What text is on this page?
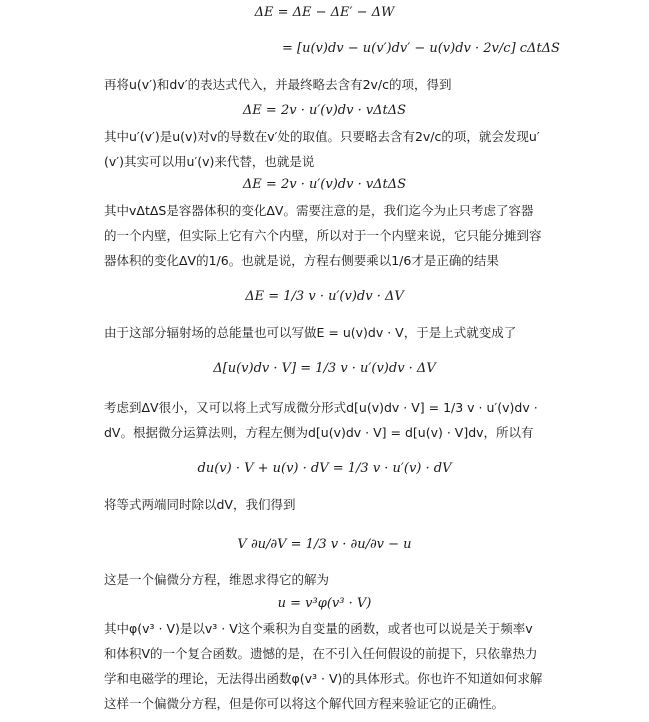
ΔE = ΔE − ΔE′ − ΔW

= [u(v)dv − u(v′)dv′ − u(v)dv · 2v/c] cΔtΔS

再将u(v′)和dv′的表达式代入，并最终略去含有2v/c的项，得到

ΔE = 2v · u′(v)dv · vΔtΔS

其中u′(v′)是u(v)对v的导数在v′处的取值。只要略去含有2v/c的项，就会发现u′(v′)其实可以用u′(v)来代替，也就是说

ΔE = 2v · u′(v)dv · vΔtΔS

其中vΔtΔS是容器体积的变化ΔV。需要注意的是，我们迄今为止只考虑了容器的一个内壁，但实际上它有六个内壁，所以对于一个内壁来说，它只能分摊到容器体积的变化ΔV的1/6。也就是说，方程右侧要乘以1/6才是正确的结果

ΔE = 1/3 v · u′(v)dv · ΔV

由于这部分辐射场的总能量也可以写做E = u(v)dv · V，于是上式就变成了

Δ[u(v)dv · V] = 1/3 v · u′(v)dv · ΔV

考虑到ΔV很小，又可以将上式写成微分形式d[u(v)dv · V] = 1/3 v · u′(v)dv · dV。根据微分运算法则，方程左侧为d[u(v)dv · V] = d[u(v) · V]dv，所以有

du(v) · V + u(v) · dV = 1/3 v · u′(v) · dV

将等式两端同时除以dV，我们得到

V ∂u/∂V = 1/3 v · ∂u/∂v − u

这是一个偏微分方程，维恩求得它的解为

u = v³φ(v³ · V)

其中φ(v³ · V)是以v³ · V这个乘积为自变量的函数，或者也可以说是关于频率v和体积V的一个复合函数。遗憾的是，在不引入任何假设的前提下，只依靠热力学和电磁学的理论，无法得出函数φ(v³ · V)的具体形式。你也许不知道如何求解这样一个偏微分方程，但是你可以将这个解代回方程来验证它的正确性。
